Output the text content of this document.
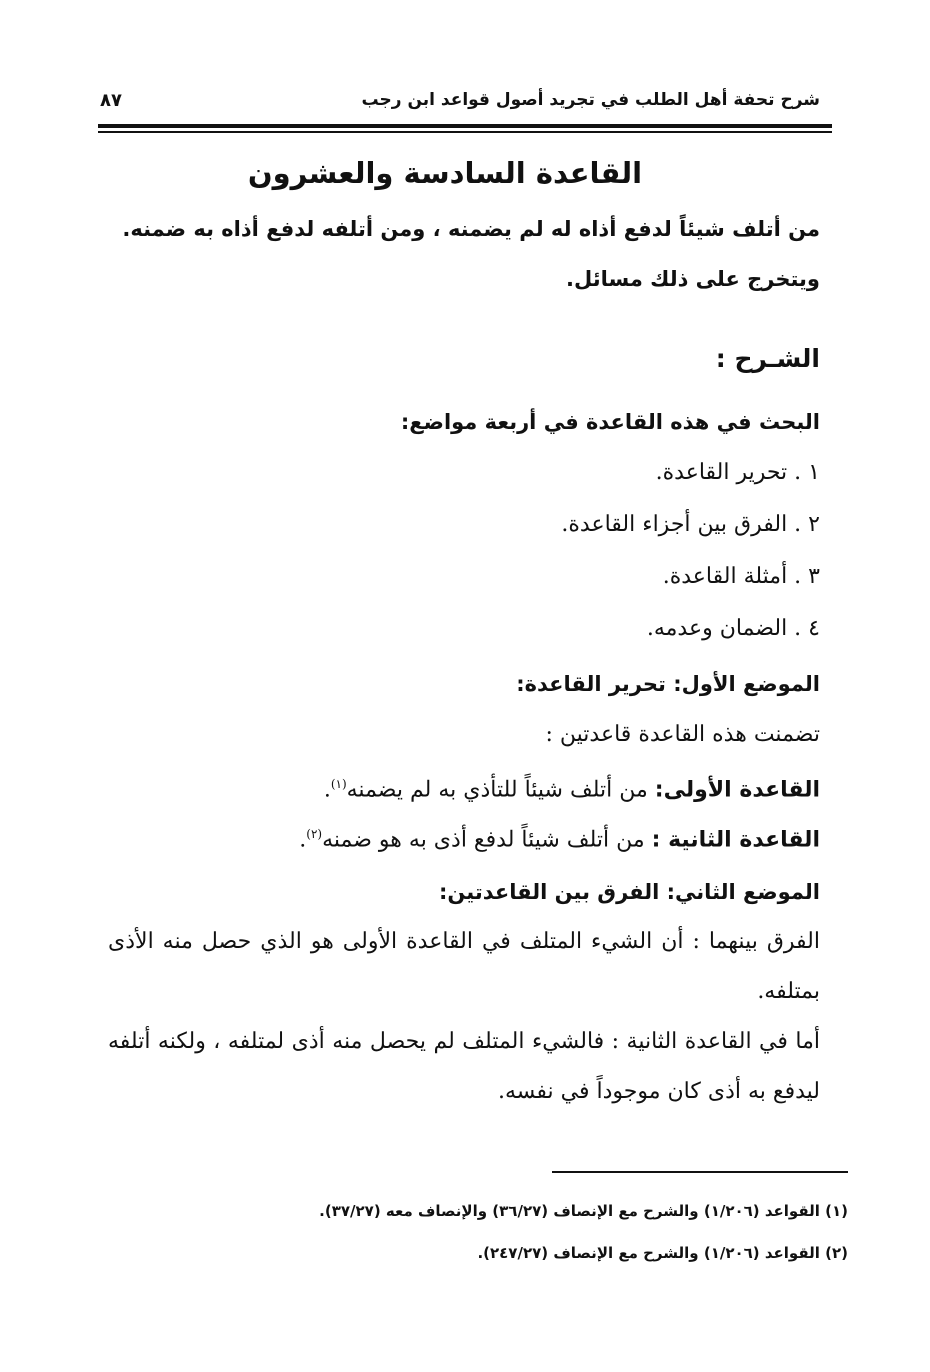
شرح تحفة أهل الطلب في تجريد أصول قواعد ابن رجب
٨٧
القاعدة السادسة والعشرون
من أتلف شيئاً لدفع أذاه له لم يضمنه ، ومن أتلفه لدفع أذاه به ضمنه.
ويتخرج على ذلك مسائل.
الشـرح :
البحث في هذه القاعدة في أربعة مواضع:
١ . تحرير القاعدة.
٢ . الفرق بين أجزاء القاعدة.
٣ . أمثلة القاعدة.
٤ . الضمان وعدمه.
الموضع الأول: تحرير القاعدة:
تضمنت هذه القاعدة قاعدتين :
القاعدة الأولى: من أتلف شيئاً للتأذي به لم يضمنه$^{(١)}$.
القاعدة الثانية : من أتلف شيئاً لدفع أذى به هو ضمنه$^{(٢)}$.
الموضع الثاني: الفرق بين القاعدتين:
الفرق بينهما : أن الشيء المتلف في القاعدة الأولى هو الذي حصل منه الأذى
بمتلفه.
أما في القاعدة الثانية : فالشيء المتلف لم يحصل منه أذى لمتلفه ، ولكنه أتلفه
ليدفع به أذى كان موجوداً في نفسه.
(١) القواعد (١/٢٠٦) والشرح مع الإنصاف (٣٦/٢٧) والإنصاف معه (٣٧/٢٧).
(٢) القواعد (١/٢٠٦) والشرح مع الإنصاف (٢٤٧/٢٧).
